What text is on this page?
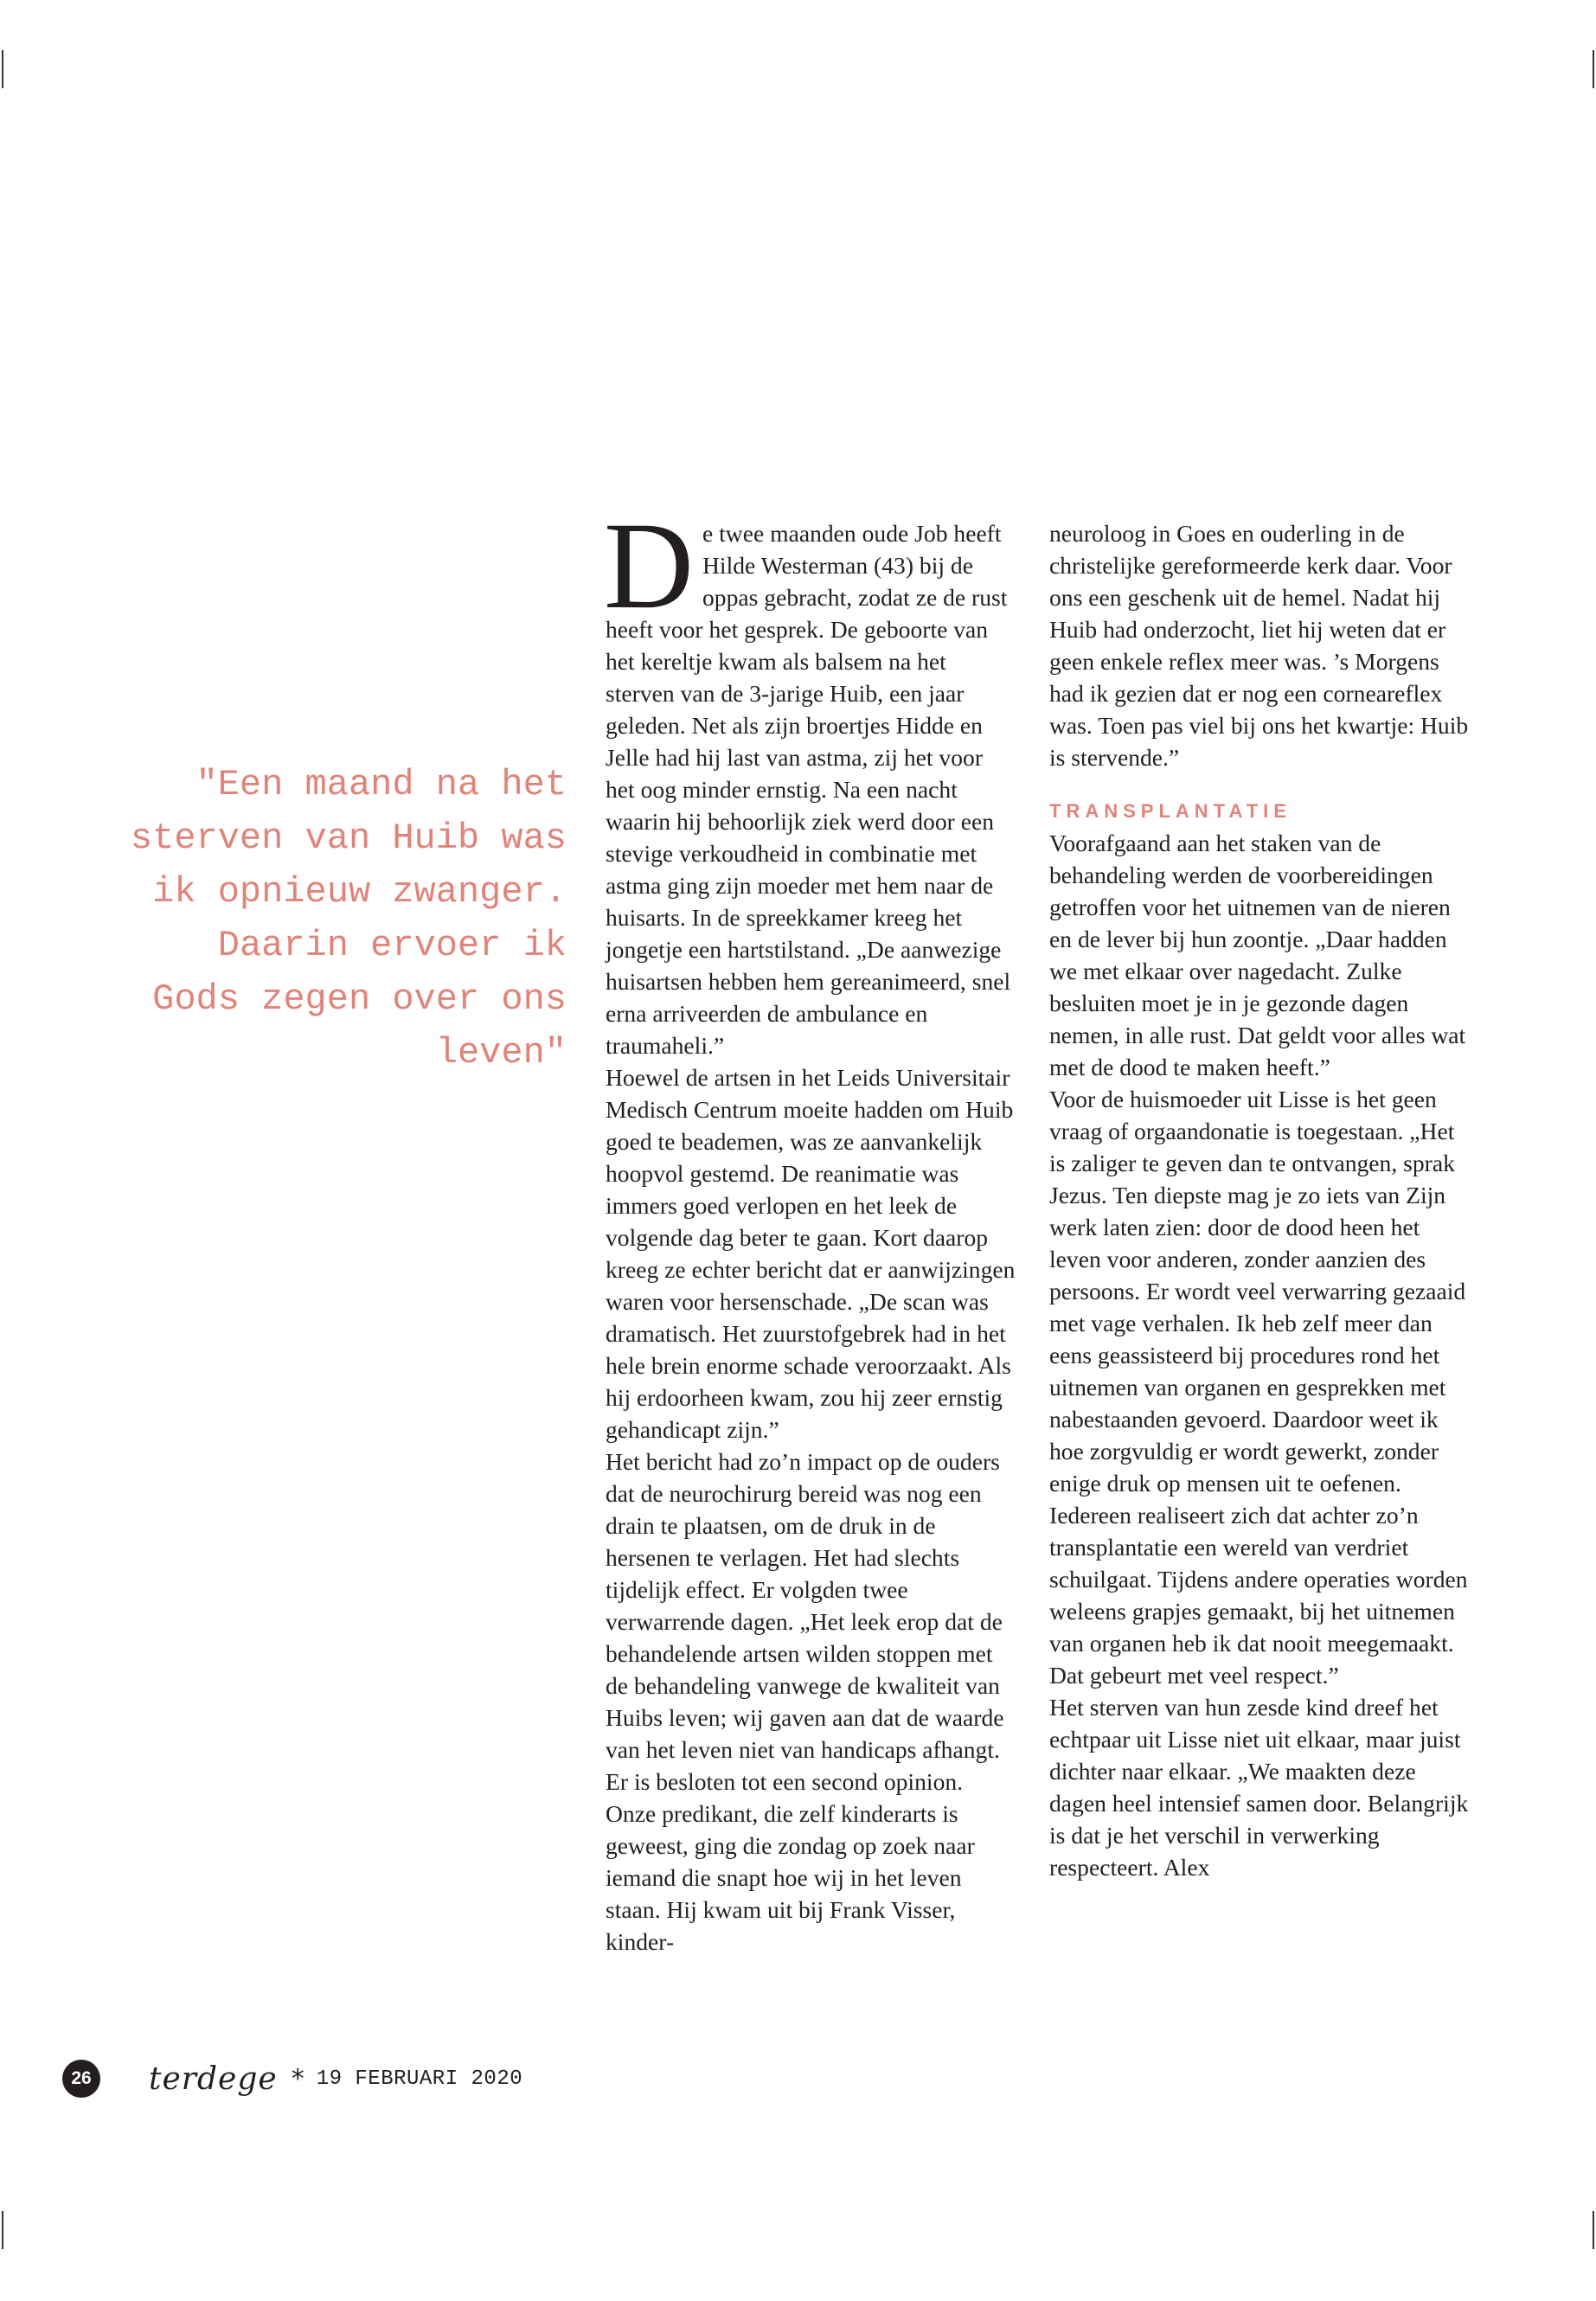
"Een maand na het sterven van Huib was ik opnieuw zwanger. Daarin ervoer ik Gods zegen over ons leven"

De twee maanden oude Job heeft Hilde Westerman (43) bij de oppas gebracht, zodat ze de rust heeft voor het gesprek. De geboorte van het kereltje kwam als balsem na het sterven van de 3-jarige Huib, een jaar geleden. Net als zijn broertjes Hidde en Jelle had hij last van astma, zij het voor het oog minder ernstig. Na een nacht waarin hij behoorlijk ziek werd door een stevige verkoudheid in combinatie met astma ging zijn moeder met hem naar de huisarts. In de spreekkamer kreeg het jongetje een hartstilstand. „De aanwezige huisartsen hebben hem gereanimeerd, snel erna arriveerden de ambulance en traumaheli.”

Hoewel de artsen in het Leids Universitair Medisch Centrum moeite hadden om Huib goed te beademen, was ze aanvankelijk hoopvol gestemd. De reanimatie was immers goed verlopen en het leek de volgende dag beter te gaan. Kort daarop kreeg ze echter bericht dat er aanwijzingen waren voor hersenschade. „De scan was dramatisch. Het zuurstofgebrek had in het hele brein enorme schade veroorzaakt. Als hij erdoorheen kwam, zou hij zeer ernstig gehandicapt zijn.”

Het bericht had zo’n impact op de ouders dat de neurochirurg bereid was nog een drain te plaatsen, om de druk in de hersenen te verlagen. Het had slechts tijdelijk effect. Er volgden twee verwarrende dagen. „Het leek erop dat de behandelende artsen wilden stoppen met de behandeling vanwege de kwaliteit van Huibs leven; wij gaven aan dat de waarde van het leven niet van handicaps afhangt. Er is besloten tot een second opinion. Onze predikant, die zelf kinderarts is geweest, ging die zondag op zoek naar iemand die snapt hoe wij in het leven staan. Hij kwam uit bij Frank Visser, kinder-

neuroloog in Goes en ouderling in de christelijke gereformeerde kerk daar. Voor ons een geschenk uit de hemel. Nadat hij Huib had onderzocht, liet hij weten dat er geen enkele reflex meer was. ’s Morgens had ik gezien dat er nog een corneareflex was. Toen pas viel bij ons het kwartje: Huib is stervende.”

TRANSPLANTATIE

Voorafgaand aan het staken van de behandeling werden de voorbereidingen getroffen voor het uitnemen van de nieren en de lever bij hun zoontje. „Daar hadden we met elkaar over nagedacht. Zulke besluiten moet je in je gezonde dagen nemen, in alle rust. Dat geldt voor alles wat met de dood te maken heeft.”

Voor de huismoeder uit Lisse is het geen vraag of orgaandonatie is toegestaan. „Het is zaliger te geven dan te ontvangen, sprak Jezus. Ten diepste mag je zo iets van Zijn werk laten zien: door de dood heen het leven voor anderen, zonder aanzien des persoons. Er wordt veel verwarring gezaaid met vage verhalen. Ik heb zelf meer dan eens geassisteerd bij procedures rond het uitnemen van organen en gesprekken met nabestaanden gevoerd. Daardoor weet ik hoe zorgvuldig er wordt gewerkt, zonder enige druk op mensen uit te oefenen. Iedereen realiseert zich dat achter zo’n transplantatie een wereld van verdriet schuilgaat. Tijdens andere operaties worden weleens grapjes gemaakt, bij het uitnemen van organen heb ik dat nooit meegemaakt. Dat gebeurt met veel respect.”

Het sterven van hun zesde kind dreef het echtpaar uit Lisse niet uit elkaar, maar juist dichter naar elkaar. „We maakten deze dagen heel intensief samen door. Belangrijk is dat je het verschil in verwerking respecteert. Alex

26 terdege * 19 FEBRUARI 2020
